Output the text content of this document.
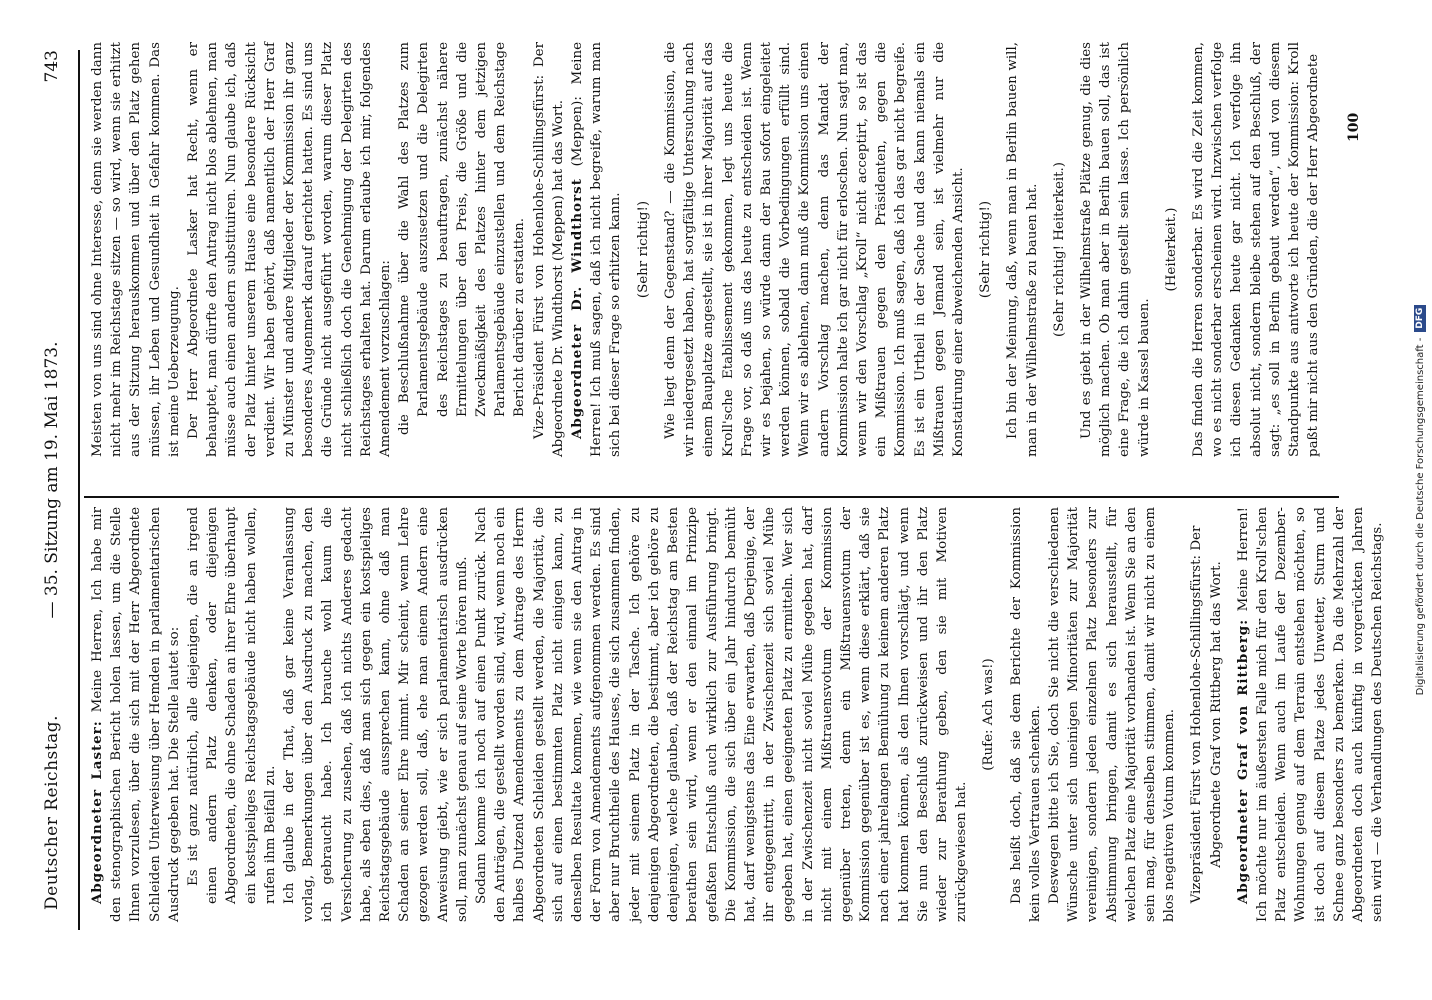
Deutscher Reichstag.
— 35. Sitzung am 19. Mai 1873.
743

Abgeordneter Laster: Meine Herren, Ich habe mir den stenographischen Bericht holen lassen, um die Stelle Ihnen vorzulesen, über die sich mit der Herr Abgeordnete Schleiden Unterweisung über Hemden in parlamentarischen Ausdruck gegeben hat. Die Stelle lautet so: Es ist ganz natürlich, alle diejenigen, die an irgend einen andern Platz denken, oder diejenigen Abgeordneten, die ohne Schaden an ihrer Ehre überhaupt ein kostspieliges Reichstagsgebäude nicht haben wollen, rufen ihm Beifall zu. Ich glaube in der That, daß gar keine Veranlassung vorlag, Bemerkungen über den Ausdruck zu machen, den ich gebraucht habe. Ich brauche wohl kaum die Versicherung zu zusehen, daß ich nichts Anderes gedacht habe, als eben dies, daß man sich gegen ein kostspieliges Reichstagsgebäude aussprechen kann, ohne daß man Schaden an seiner Ehre nimmt. Mir scheint, wenn Lehre gezogen werden soll, daß, ehe man einem Andern eine Anweisung giebt, wie er sich parlamentarisch ausdrücken soll, man zunächst genau auf seine Worte hören muß. Sodann komme ich noch auf einen Punkt zurück. Nach den Anträgen, die gestellt worden sind, wird, wenn noch ein halbes Dutzend Amendements zu dem Antrage des Herrn Abgeordneten Schleiden gestellt werden, die Majorität, die sich auf einen bestimmten Platz nicht einigen kann, zu denselben Resultate kommen, wie wenn sie den Antrag in der Form von Amendements aufgenommen werden. Es sind aber nur Bruchtheile des Hauses, die sich zusammen finden, jeder mit seinem Platz in der Tasche. Ich gehöre zu denjenigen Abgeordneten, die bestimmt, aber ich gehöre zu denjenigen, welche glauben, daß der Reichstag am Besten berathen sein wird, wenn er den einmal im Prinzipe gefaßten Entschluß auch wirklich zur Ausführung bringt. Die Kommission, die sich über ein Jahr hindurch bemüht hat, darf wenigstens das Eine erwarten, daß Derjenige, der ihr entgegentritt, in der Zwischenzeit sich soviel Mühe gegeben hat, einen geeigneten Platz zu ermitteln. Wer sich in der Zwischenzeit nicht soviel Mühe gegeben hat, darf nicht mit einem Mißtrauensvotum der Kommission gegenüber treten, denn ein Mißtrauensvotum der Kommission gegenüber ist es, wenn diese erklärt, daß sie nach einer jahrelangen Bemühung zu keinem anderen Platz hat kommen können, als den Ihnen vorschlägt, und wenn Sie nun den Beschluß zurückweisen und ihr den Platz wieder zur Berathung geben, den sie mit Motiven zurückgewiesen hat.

(Rufe: Ach was!) Das heißt doch, daß sie dem Berichte der Kommission kein volles Vertrauen schenken. Deswegen bitte ich Sie, doch Sie nicht die verschiedenen Wünsche unter sich uneinigen Minoritäten zur Majorität vereinigen, sondern jeden einzelnen Platz besonders zur Abstimmung bringen, damit es sich herausstellt, für welchen Platz eine Majorität vorhanden ist. Wenn Sie an den sein mag, für denselben stimmen, damit wir nicht zu einem blos negativen Votum kommen. Vizepräsident Fürst von Hohenlohe-Schillingsfürst: Der Abgeordnete Graf von Rittberg hat das Wort. Abgeordneter Graf von Rittberg: Meine Herren! Ich möchte nur im äußersten Falle mich für den Kroll'schen Platz entscheiden. Wenn auch im Laufe der Dezember-Wohnungen genug auf dem Terrain entstehen möchten, so ist doch auf diesem Platze jedes Unwetter, Sturm und Schnee ganz besonders zu bemerken. Da die Mehrzahl der Abgeordneten doch auch künftig in vorgerückten Jahren sein wird — die Verhandlungen des Deutschen Reichstags.

Meisten von uns sind ohne Interesse, denn sie werden dann nicht mehr im Reichstage sitzen — so wird, wenn sie erhitzt aus der Sitzung herauskommen und über den Platz gehen müssen, ihr Leben und Gesundheit in Gefahr kommen. Das ist meine Ueberzeugung. Der Herr Abgeordnete Lasker hat Recht, wenn er behauptet, man dürfte den Antrag nicht blos ablehnen, man müsse auch einen andern substituiren. Nun glaube ich, daß der Platz hinter unserem Hause eine besondere Rücksicht verdient. Wir haben gehört, daß namentlich der Herr Graf zu Münster und andere Mitglieder der Kommission ihr ganz besonderes Augenmerk darauf gerichtet hatten. Es sind uns die Gründe nicht ausgeführt worden, warum dieser Platz nicht schließlich doch die Genehmigung der Delegirten des Reichstages erhalten hat. Darum erlaube ich mir, folgendes Amendement vorzuschlagen: die Beschlußnahme über die Wahl des Platzes zum Parlamentsgebäude auszusetzen und die Delegirten des Reichstages zu beauftragen, zunächst nähere Ermittelungen über den Preis, die Größe und die Zweckmäßigkeit des Platzes hinter dem jetzigen Parlamentsgebäude einzustellen und dem Reichstage Bericht darüber zu erstatten. Vize-Präsident Fürst von Hohenlohe-Schillingsfürst: Der Abgeordnete Dr. Windthorst (Meppen) hat das Wort. Abgeordneter Dr. Windthorst (Meppen): Meine Herren! Ich muß sagen, daß ich nicht begreife, warum man sich bei dieser Frage so erhitzen kann. (Sehr richtig!) Wie liegt denn der Gegenstand? — die Kommission, die wir niedergesetzt haben, hat sorgfältige Untersuchung nach einem Bauplatze angestellt, sie ist in ihrer Majorität auf das Kroll'sche Etablissement gekommen, legt uns heute die Frage vor, so daß uns das heute zu entscheiden ist. Wenn wir es bejahen, so würde dann der Bau sofort eingeleitet werden können, sobald die Vorbedingungen erfüllt sind. Wenn wir es ablehnen, dann muß die Kommission uns einen andern Vorschlag machen, denn das Mandat der Kommission halte ich gar nicht für erloschen. Nun sagt man, wenn wir den Vorschlag „Kroll“ nicht acceptirt, so ist das ein Mißtrauen gegen den Präsidenten, gegen die Kommission. Ich muß sagen, daß ich das gar nicht begreife. Es ist ein Urtheil in der Sache und das kann niemals ein Mißtrauen gegen Jemand sein, ist vielmehr nur die Konstatirung einer abweichenden Ansicht. (Sehr richtig!) Ich bin der Meinung, daß, wenn man in Berlin bauen will, man in der Wilhelmstraße zu bauen hat. (Sehr richtig! Heiterkeit.) Und es giebt in der Wilhelmstraße Plätze genug, die dies möglich machen. Ob man aber in Berlin bauen soll, das ist eine Frage, die ich dahin gestellt sein lasse. Ich persönlich würde in Kassel bauen.

(Heiterkeit.) Das finden die Herren sonderbar. Es wird die Zeit kommen, wo es nicht sonderbar erscheinen wird. Inzwischen verfolge ich diesen Gedanken heute gar nicht. Ich verfolge ihn absolut nicht, sondern bleibe stehen auf den Beschluß, der sagt: „es soll in Berlin gebaut werden“, und von diesem Standpunkte aus antworte ich heute der Kommission: Kroll paßt mir nicht aus den Gründen, die der Herr Abgeordnete 100
Digitalisierung gefördert durch die Deutsche Forschungsgemeinschaft -
DFG
